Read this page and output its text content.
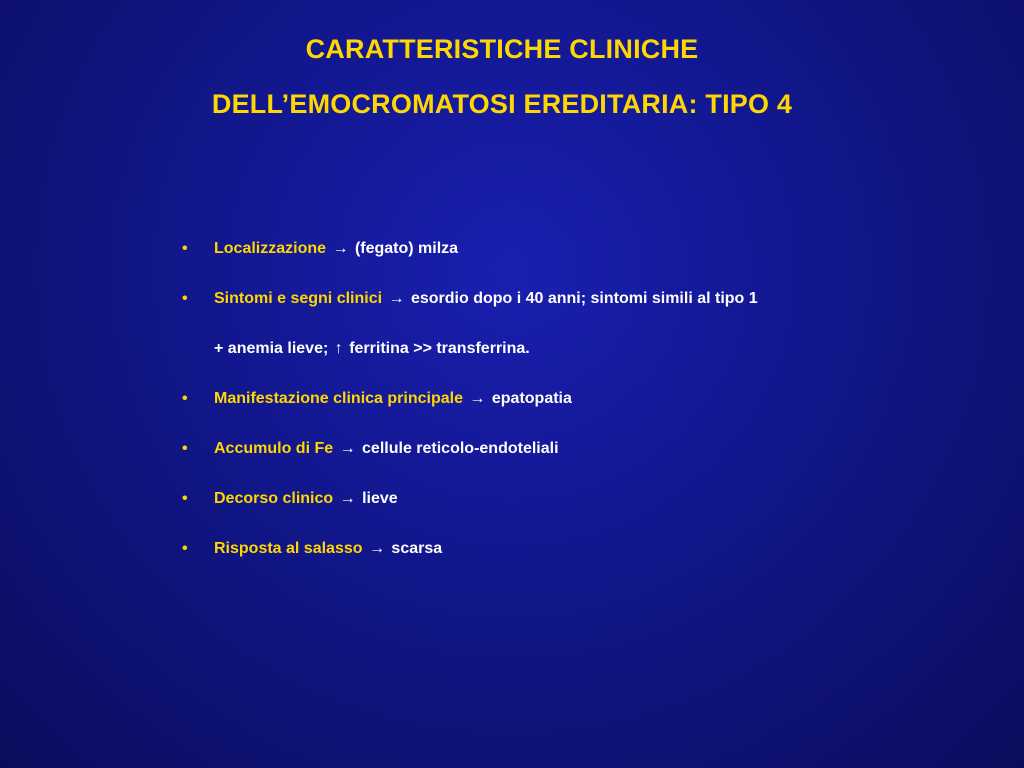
CARATTERISTICHE CLINICHE
DELL’EMOCROMATOSI EREDITARIA: TIPO 4
• Localizzazione → (fegato) milza
• Sintomi e segni clinici → esordio dopo i 40 anni; sintomi simili al tipo 1
+ anemia lieve; ↑ ferritina >> transferrina.
• Manifestazione clinica principale → epatopatia
• Accumulo di Fe → cellule reticolo-endoteliali
• Decorso clinico → lieve
• Risposta al salasso → scarsa
